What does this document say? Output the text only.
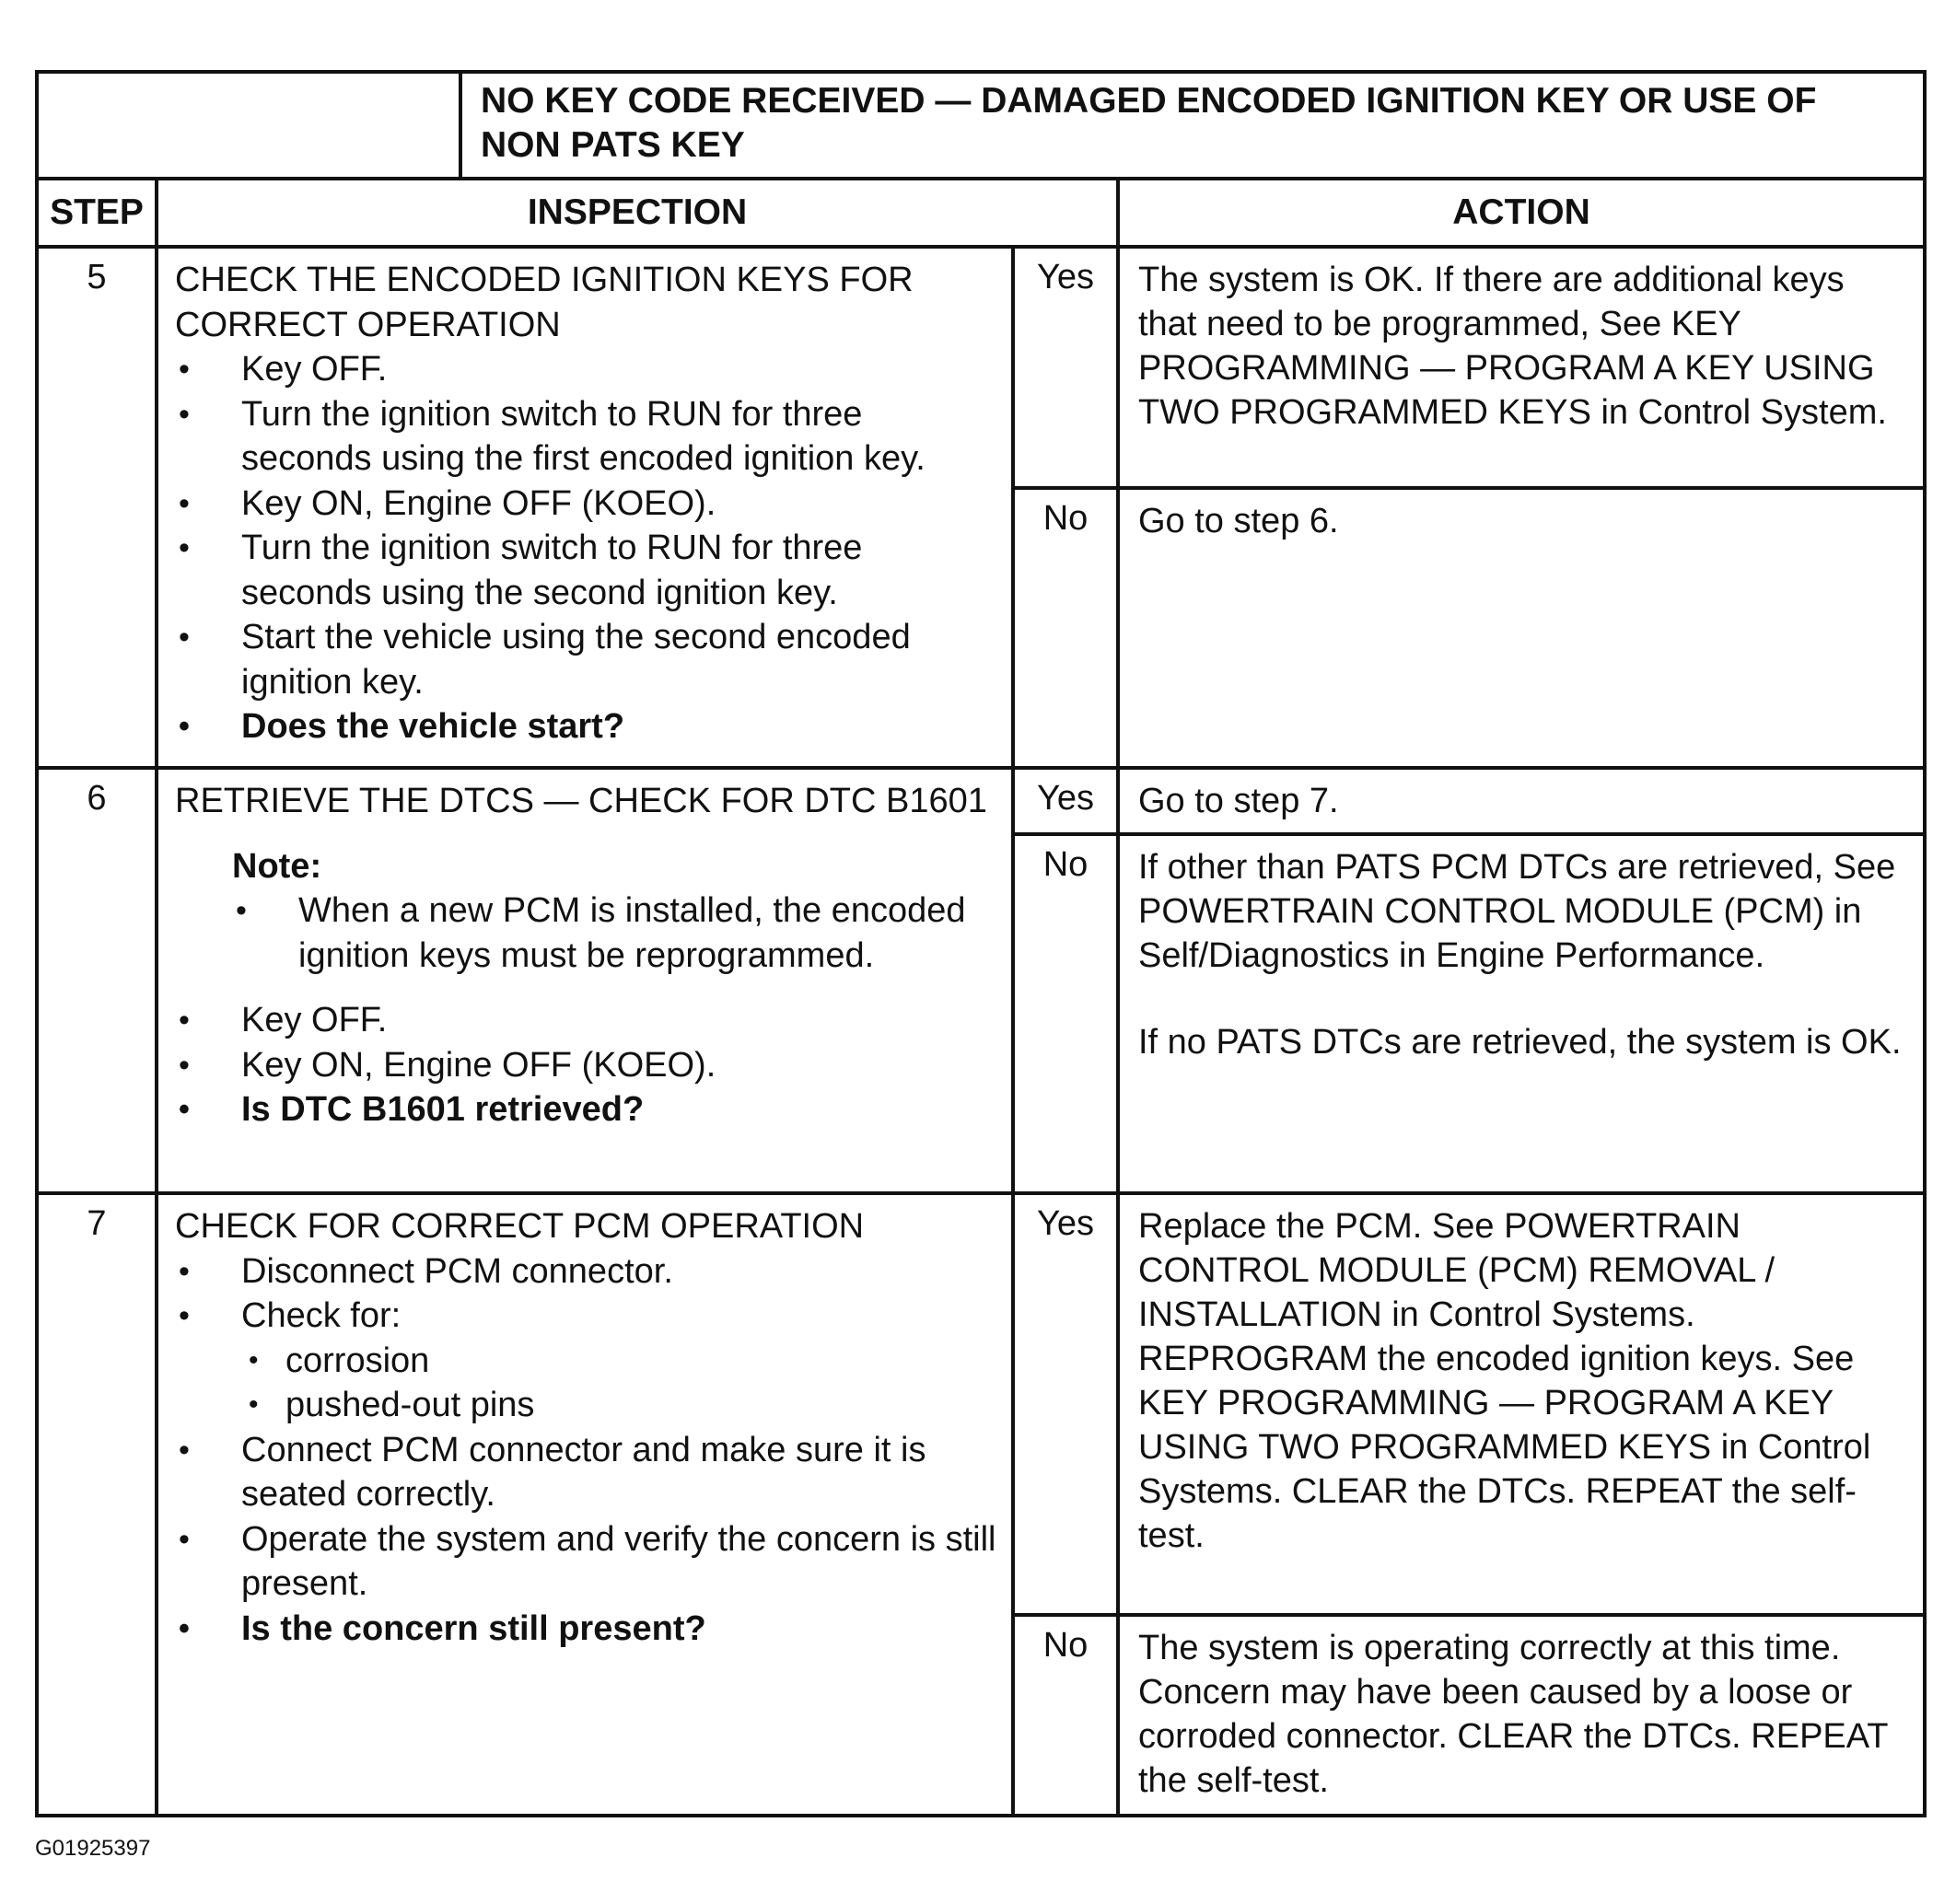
NO KEY CODE RECEIVED — DAMAGED ENCODED IGNITION KEY OR USE OF NON PATS KEY
STEP	INSPECTION	ACTION
5	CHECK THE ENCODED IGNITION KEYS FOR CORRECT OPERATION

• Key OFF.
• Turn the ignition switch to RUN for three seconds using the first encoded ignition key.
• Key ON, Engine OFF (KOEO).
• Turn the ignition switch to RUN for three seconds using the second ignition key.
• Start the vehicle using the second encoded ignition key.
• Does the vehicle start?
Yes	The system is OK. If there are additional keys that need to be programmed, See KEY PROGRAMMING — PROGRAM A KEY USING TWO PROGRAMMED KEYS in Control System.
No	Go to step 6.
6	RETRIEVE THE DTCS — CHECK FOR DTC B1601

Note:

• When a new PCM is installed, the encoded ignition keys must be reprogrammed.
• Key OFF.
• Key ON, Engine OFF (KOEO).
• Is DTC B1601 retrieved?
Yes	Go to step 7.
No	If other than PATS PCM DTCs are retrieved, See POWERTRAIN CONTROL MODULE (PCM) in Self/Diagnostics in Engine Performance.

If no PATS DTCs are retrieved, the system is OK.

7	CHECK FOR CORRECT PCM OPERATION

• Disconnect PCM connector.
• Check for:
• corrosion
• pushed-out pins
• Connect PCM connector and make sure it is seated correctly.
• Operate the system and verify the concern is still present.
• Is the concern still present?
Yes	Replace the PCM. See POWERTRAIN CONTROL MODULE (PCM) REMOVAL / INSTALLATION in Control Systems. REPROGRAM the encoded ignition keys. See KEY PROGRAMMING — PROGRAM A KEY USING TWO PROGRAMMED KEYS in Control Systems. CLEAR the DTCs. REPEAT the self-test.
No	The system is operating correctly at this time. Concern may have been caused by a loose or corroded connector. CLEAR the DTCs. REPEAT the self-test.
G01925397
